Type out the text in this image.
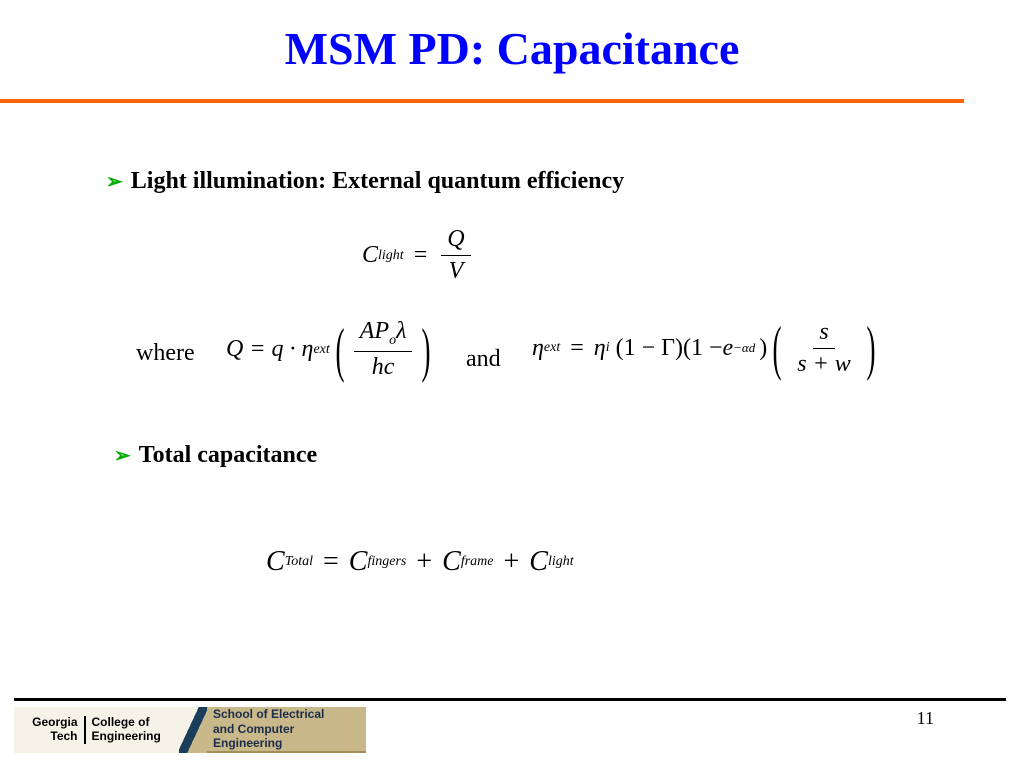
MSM PD: Capacitance
➢ Light illumination: External quantum efficiency
C light = $\frac{Q}{V}$
where Q = q · η ext ( $\frac{AP_o\lambda}{hc}$ ) and η ext = η i (1 − Γ)(1 − e −αd ) ( $\frac{s}{s + w}$ )
➢ Total capacitance
C Total = C fingers + C frame + C light
11
Georgia
Tech
College of
Engineering
School of Electrical
and Computer Engineering
